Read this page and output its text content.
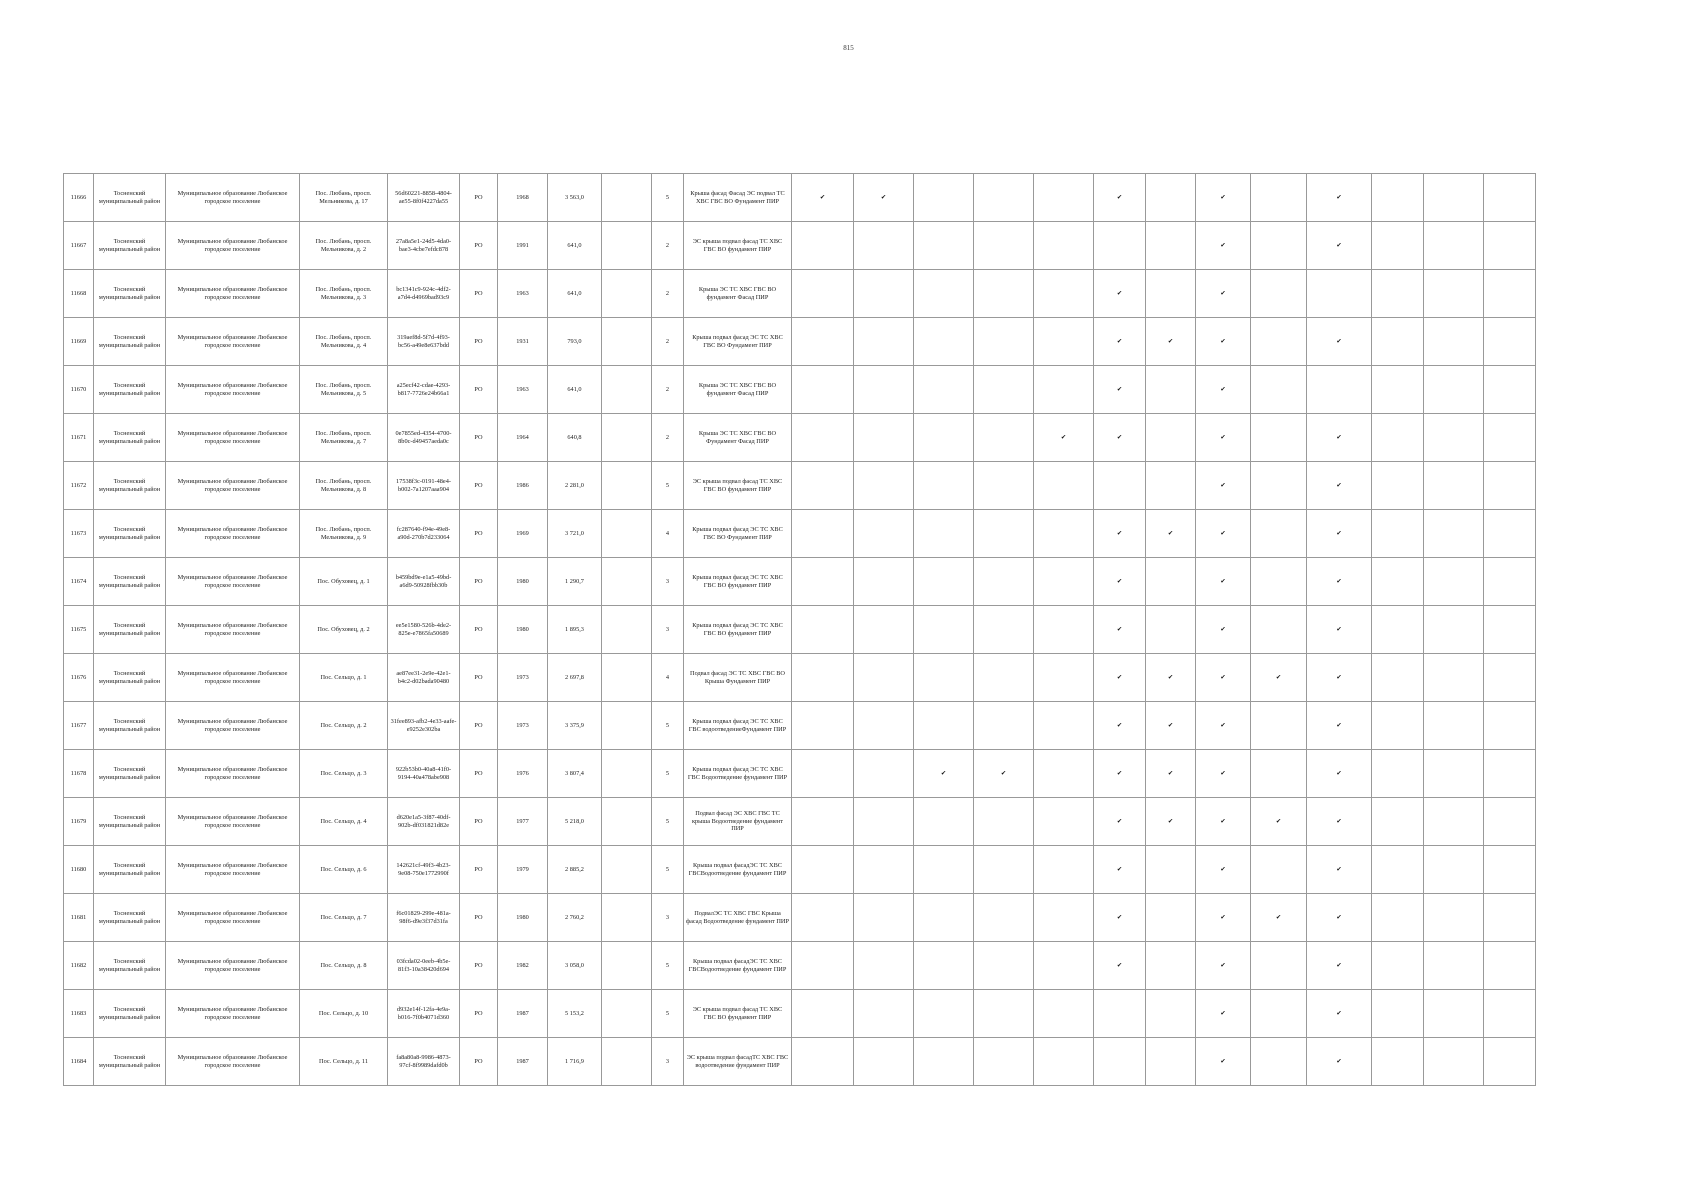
815
11666	Тосненский муниципальный район	Муниципальное образование Любанское городское поселение	Пос. Любань, просп. Мельникова, д. 17	56d60221-8858-4804-ae55-8f0f4227da55	РО	1968	3 563,0		5	Крыша фасад Фасад ЭС подвал ТС ХВС ГВС ВО Фундамент ПИР	✔	✔				✔		✔		✔			
11667	Тосненский муниципальный район	Муниципальное образование Любанское городское поселение	Пос. Любань, просп. Мельникова, д. 2	27a8a5e1-24d5-4da0-bae3-4cbe7efdc878	РО	1991	641,0		2	ЭС крыша подвал фасад ТС ХВС ГВС ВО фундамент ПИР								✔		✔			
11668	Тосненский муниципальный район	Муниципальное образование Любанское городское поселение	Пос. Любань, просп. Мельникова, д. 3	bc1341c9-924c-4df2-a7d4-d4969bad93c9	РО	1963	641,0		2	Крыша ЭС ТС ХВС ГВС ВО фундамент Фасад ПИР						✔		✔					
11669	Тосненский муниципальный район	Муниципальное образование Любанское городское поселение	Пос. Любань, просп. Мельникова, д. 4	319aef8d-5f7d-4f93-bc56-a49e8e637bdd	РО	1931	793,0		2	Крыша подвал фасад ЭС ТС ХВС ГВС ВО Фундамент ПИР						✔	✔	✔		✔			
11670	Тосненский муниципальный район	Муниципальное образование Любанское городское поселение	Пос. Любань, просп. Мельникова, д. 5	a25ecf42-cdae-4293-b817-7726e24b66a1	РО	1963	641,0		2	Крыша ЭС ТС ХВС ГВС ВО фундамент Фасад ПИР						✔		✔					
11671	Тосненский муниципальный район	Муниципальное образование Любанское городское поселение	Пос. Любань, просп. Мельникова, д. 7	0e7855ed-4354-4700-8b0c-d49457aeda0c	РО	1964	640,8		2	Крыша ЭС ТС ХВС ГВС ВО Фундамент Фасад ПИР					✔	✔		✔		✔			
11672	Тосненский муниципальный район	Муниципальное образование Любанское городское поселение	Пос. Любань, просп. Мельникова, д. 8	17538f3c-0191-48e4-b002-7a1207aaa904	РО	1986	2 281,0		5	ЭС крыша подвал фасад ТС ХВС ГВС ВО фундамент ПИР								✔		✔			
11673	Тосненский муниципальный район	Муниципальное образование Любанское городское поселение	Пос. Любань, просп. Мельникова, д. 9	fc287640-f94e-49e8-a90d-270b7d233064	РО	1969	3 721,0		4	Крыша подвал фасад ЭС ТС ХВС ГВС ВО Фундамент ПИР						✔	✔	✔		✔			
11674	Тосненский муниципальный район	Муниципальное образование Любанское городское поселение	Пос. Обуховец, д. 1	b459bd9e-e1a5-49bd-a6d9-50928fbb30b	РО	1980	1 290,7		3	Крыша подвал фасад ЭС ТС ХВС ГВС ВО фундамент ПИР						✔		✔		✔			
11675	Тосненский муниципальный район	Муниципальное образование Любанское городское поселение	Пос. Обуховец, д. 2	ee5e1580-526b-4de2-825e-e7865fa50689	РО	1980	1 895,3		3	Крыша подвал фасад ЭС ТС ХВС ГВС ВО фундамент ПИР						✔		✔		✔			
11676	Тосненский муниципальный район	Муниципальное образование Любанское городское поселение	Пос. Сельцо, д. 1	ae87ee31-2e9e-42e1-b4c2-d02bada90480	РО	1973	2 697,8		4	Подвал фасад ЭС ТС ХВС ГВС ВО Крыша Фундамент ПИР						✔	✔	✔	✔	✔			
11677	Тосненский муниципальный район	Муниципальное образование Любанское городское поселение	Пос. Сельцо, д. 2	31fee893-afb2-4e33-aafe-e9252e302ba	РО	1973	3 375,9		5	Крыша подвал фасад ЭС ТС ХВС ГВС водоотведениеФундамент ПИР						✔	✔	✔		✔			
11678	Тосненский муниципальный район	Муниципальное образование Любанское городское поселение	Пос. Сельцо, д. 3	922b53b0-40a8-41f0-9194-40a478abe908	РО	1976	3 807,4		5	Крыша подвал фасад ЭС ТС ХВС ГВС Водоотведение фундамент ПИР			✔	✔		✔	✔	✔		✔			
11679	Тосненский муниципальный район	Муниципальное образование Любанское городское поселение	Пос. Сельцо, д. 4	d620e1a5-3f87-40df-902b-df031821d82e	РО	1977	5 218,0		5	Подвал фасад ЭС ХВС ГВС ТС крыша Водоотведение фундамент ПИР						✔	✔	✔	✔	✔			
11680	Тосненский муниципальный район	Муниципальное образование Любанское городское поселение	Пос. Сельцо, д. 6	142621cf-49f3-4b23-9e08-750e1772990f	РО	1979	2 885,2		5	Крыша подвал фасадЭС ТС ХВС ГВСВодоотведение фундамент ПИР						✔		✔		✔			
11681	Тосненский муниципальный район	Муниципальное образование Любанское городское поселение	Пос. Сельцо, д. 7	f6c01829-299e-481a-98f6-d9e3f37d31fa	РО	1980	2 760,2		3	ПодвалЭС ТС ХВС ГВС Крыша фасад Водоотведение фундамент ПИР						✔		✔	✔	✔			
11682	Тосненский муниципальный район	Муниципальное образование Любанское городское поселение	Пос. Сельцо, д. 8	03fcda02-0eeb-4b5e-81f3-10a38420d694	РО	1982	3 058,0		5	Крыша подвал фасадЭС ТС ХВС ГВСВодоотведение фундамент ПИР						✔		✔		✔			
11683	Тосненский муниципальный район	Муниципальное образование Любанское городское поселение	Пос. Сельцо, д. 10	d932e14f-12fa-4e9a-b016-7f0b4071d360	РО	1987	5 153,2		5	ЭС крыша подвал фасад ТС ХВС ГВС ВО фундамент ПИР								✔		✔			
11684	Тосненский муниципальный район	Муниципальное образование Любанское городское поселение	Пос. Сельцо, д. 11	fa8a80a8-9986-4873-97cf-8f9989dafd0b	РО	1987	1 716,9		3	ЭС крыша подвал фасадТС ХВС ГВС водоотведение фундамент ПИР								✔		✔			
